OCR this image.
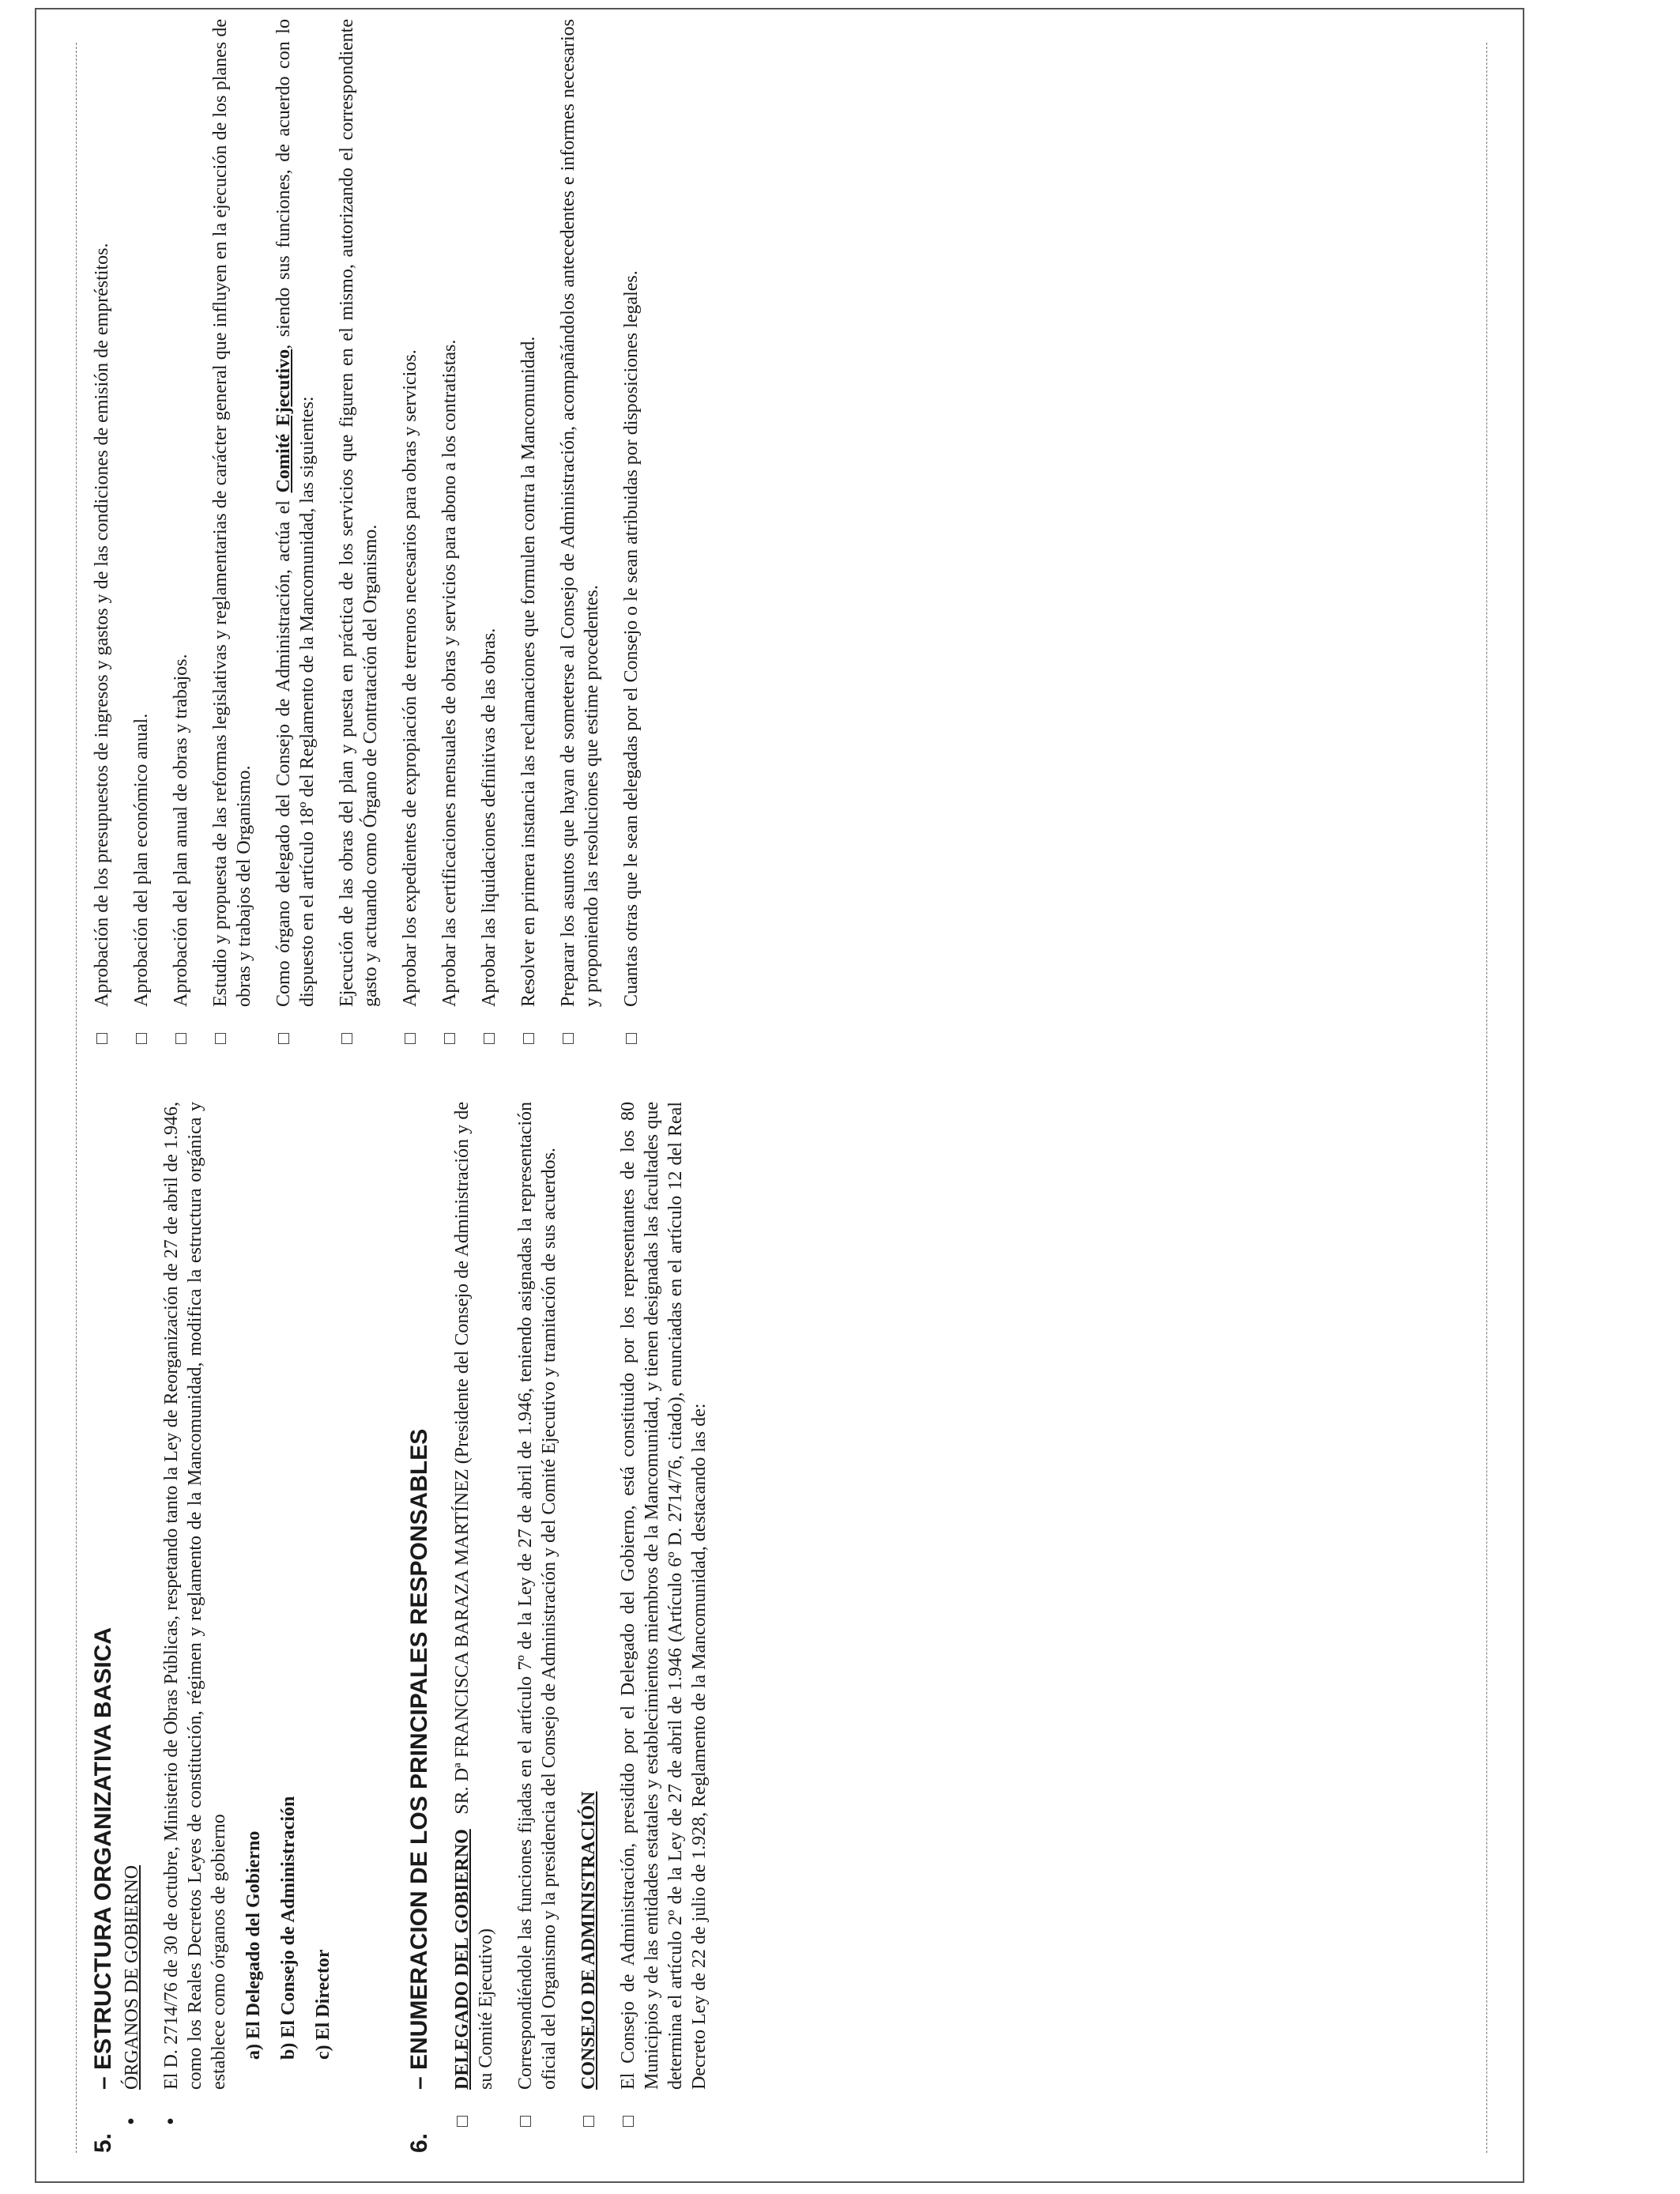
5.
– ESTRUCTURA ORGANIZATIVA BASICA
•
ÓRGANOS DE GOBIERNO
•
El D. 2714/76 de 30 de octubre, Ministerio de Obras Públicas, respetando tanto la Ley de Reorganización de 27 de abril de 1.946, como los Reales Decretos Leyes de constitución, régimen y reglamento de la Mancomunidad, modifica la estructura orgánica y establece como órganos de gobierno a) El Delegado del Gobierno b) El Consejo de Administración c) El Director
6.
– ENUMERACION DE LOS PRINCIPALES RESPONSABLES DELEGADO DEL GOBIERNO   SR. Dª FRANCISCA BARAZA MARTÍNEZ (Presidente del Consejo de Administración y de su Comité Ejecutivo) Correspondiéndole las funciones fijadas en el artículo 7º de la Ley de 27 de abril de 1.946, teniendo asignadas la representación oficial del Organismo y la presidencia del Consejo de Administración y del Comité Ejecutivo y tramitación de sus acuerdos. CONSEJO DE ADMINISTRACIÓN El Consejo de Administración, presidido por el Delegado del Gobierno, está constituido por los representantes de los 80 Municipios y de las entidades estatales y establecimientos miembros de la Mancomunidad, y tienen designadas las facultades que determina el artículo 2º de la Ley de 27 de abril de 1.946 (Artículo 6º D. 2714/76, citado), enunciadas en el artículo 12 del Real Decreto Ley de 22 de julio de 1.928, Reglamento de la Mancomunidad, destacando las de:
Aprobación de los presupuestos de ingresos y gastos y de las condiciones de emisión de empréstitos. Aprobación del plan económico anual. Aprobación del plan anual de obras y trabajos. Estudio y propuesta de las reformas legislativas y reglamentarias de carácter general que influyen en la ejecución de los planes de obras y trabajos del Organismo. Como órgano delegado del Consejo de Administración, actúa el Comité Ejecutivo, siendo sus funciones, de acuerdo con lo dispuesto en el artículo 18º del Reglamento de la Mancomunidad, las siguientes: Ejecución de las obras del plan y puesta en práctica de los servicios que figuren en el mismo, autorizando el correspondiente gasto y actuando como Órgano de Contratación del Organismo. Aprobar los expedientes de expropiación de terrenos necesarios para obras y servicios. Aprobar las certificaciones mensuales de obras y servicios para abono a los contratistas. Aprobar las liquidaciones definitivas de las obras. Resolver en primera instancia las reclamaciones que formulen contra la Mancomunidad. Preparar los asuntos que hayan de someterse al Consejo de Administración, acompañándolos antecedentes e informes necesarios y proponiendo las resoluciones que estime procedentes. Cuantas otras que le sean delegadas por el Consejo o le sean atribuidas por disposiciones legales.
